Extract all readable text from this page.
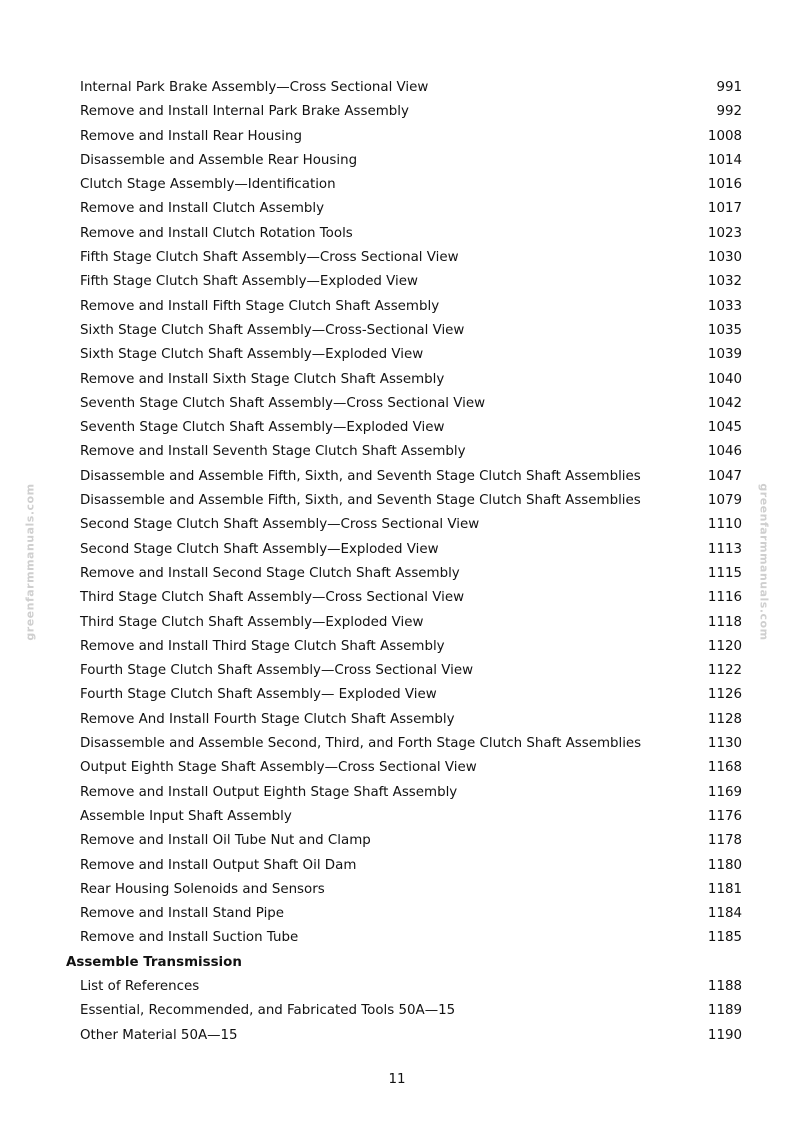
greenfarmmanuals.com	greenfarmmanuals.com
Internal Park Brake Assembly—Cross Sectional View	991
Remove and Install Internal Park Brake Assembly	992
Remove and Install Rear Housing	1008
Disassemble and Assemble Rear Housing	1014
Clutch Stage Assembly—Identification	1016
Remove and Install Clutch Assembly	1017
Remove and Install Clutch Rotation Tools	1023
Fifth Stage Clutch Shaft Assembly—Cross Sectional View	1030
Fifth Stage Clutch Shaft Assembly—Exploded View	1032
Remove and Install Fifth Stage Clutch Shaft Assembly	1033
Sixth Stage Clutch Shaft Assembly—Cross-Sectional View	1035
Sixth Stage Clutch Shaft Assembly—Exploded View	1039
Remove and Install Sixth Stage Clutch Shaft Assembly	1040
Seventh Stage Clutch Shaft Assembly—Cross Sectional View	1042
Seventh Stage Clutch Shaft Assembly—Exploded View	1045
Remove and Install Seventh Stage Clutch Shaft Assembly	1046
Disassemble and Assemble Fifth, Sixth, and Seventh Stage Clutch Shaft Assemblies	1047
Disassemble and Assemble Fifth, Sixth, and Seventh Stage Clutch Shaft Assemblies	1079
Second Stage Clutch Shaft Assembly—Cross Sectional View	1110
Second Stage Clutch Shaft Assembly—Exploded View	1113
Remove and Install Second Stage Clutch Shaft Assembly	1115
Third Stage Clutch Shaft Assembly—Cross Sectional View	1116
Third Stage Clutch Shaft Assembly—Exploded View	1118
Remove and Install Third Stage Clutch Shaft Assembly	1120
Fourth Stage Clutch Shaft Assembly—Cross Sectional View	1122
Fourth Stage Clutch Shaft Assembly— Exploded View	1126
Remove And Install Fourth Stage Clutch Shaft Assembly	1128
Disassemble and Assemble Second, Third, and Forth Stage Clutch Shaft Assemblies	1130
Output Eighth Stage Shaft Assembly—Cross Sectional View	1168
Remove and Install Output Eighth Stage Shaft Assembly	1169
Assemble Input Shaft Assembly	1176
Remove and Install Oil Tube Nut and Clamp	1178
Remove and Install Output Shaft Oil Dam	1180
Rear Housing Solenoids and Sensors	1181
Remove and Install Stand Pipe	1184
Remove and Install Suction Tube	1185
Assemble Transmission
List of References	1188
Essential, Recommended, and Fabricated Tools 50A—15	1189
Other Material 50A—15	1190
11
